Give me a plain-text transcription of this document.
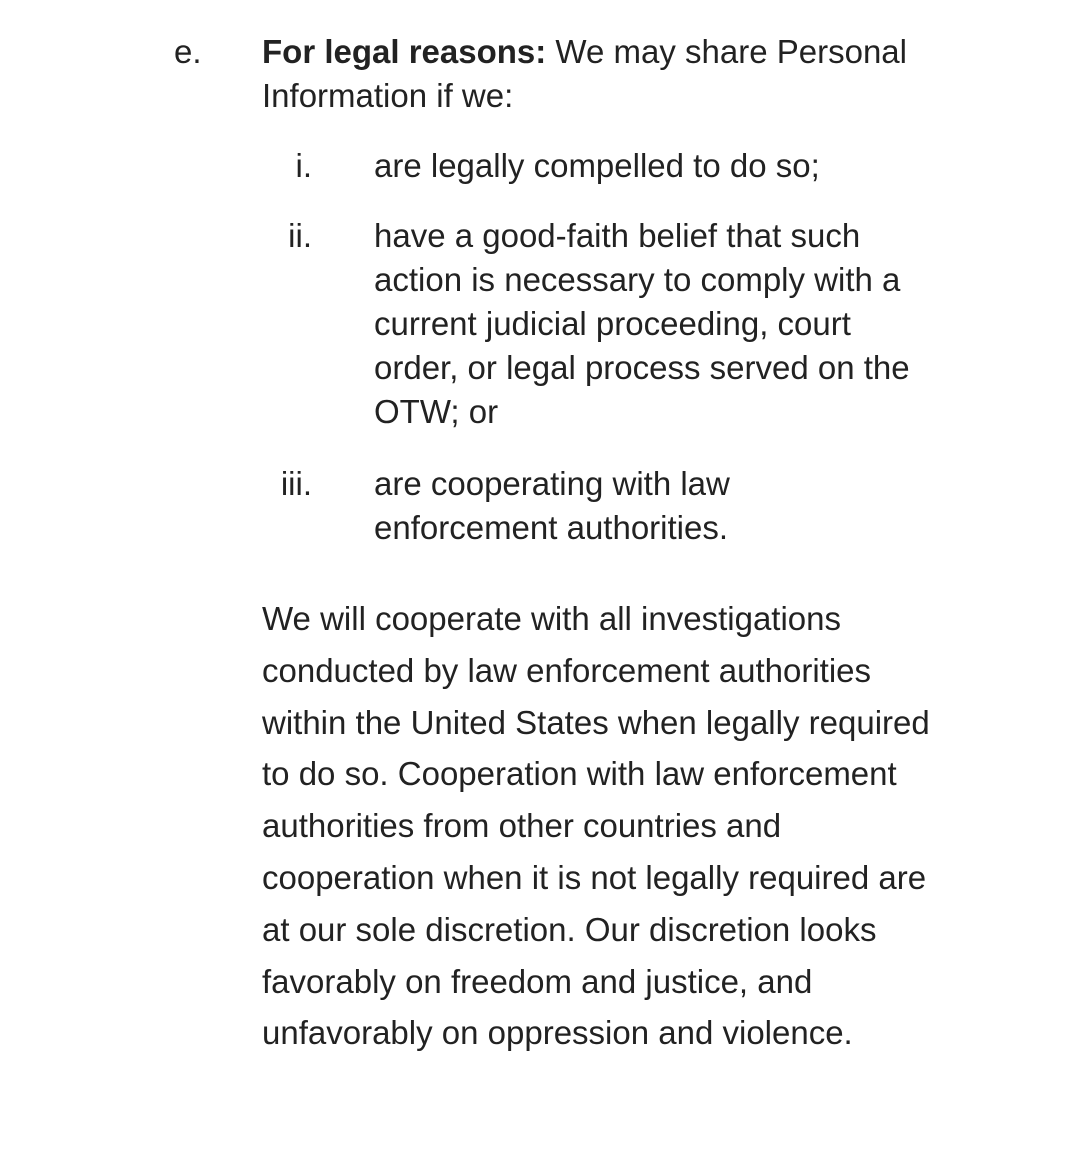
e. For legal reasons: We may share Personal Information if we:
i. are legally compelled to do so;
ii. have a good-faith belief that such action is necessary to comply with a current judicial proceeding, court order, or legal process served on the OTW; or
iii. are cooperating with law enforcement authorities.
We will cooperate with all investigations conducted by law enforcement authorities within the United States when legally required to do so. Cooperation with law enforcement authorities from other countries and cooperation when it is not legally required are at our sole discretion. Our discretion looks favorably on freedom and justice, and unfavorably on oppression and violence.
